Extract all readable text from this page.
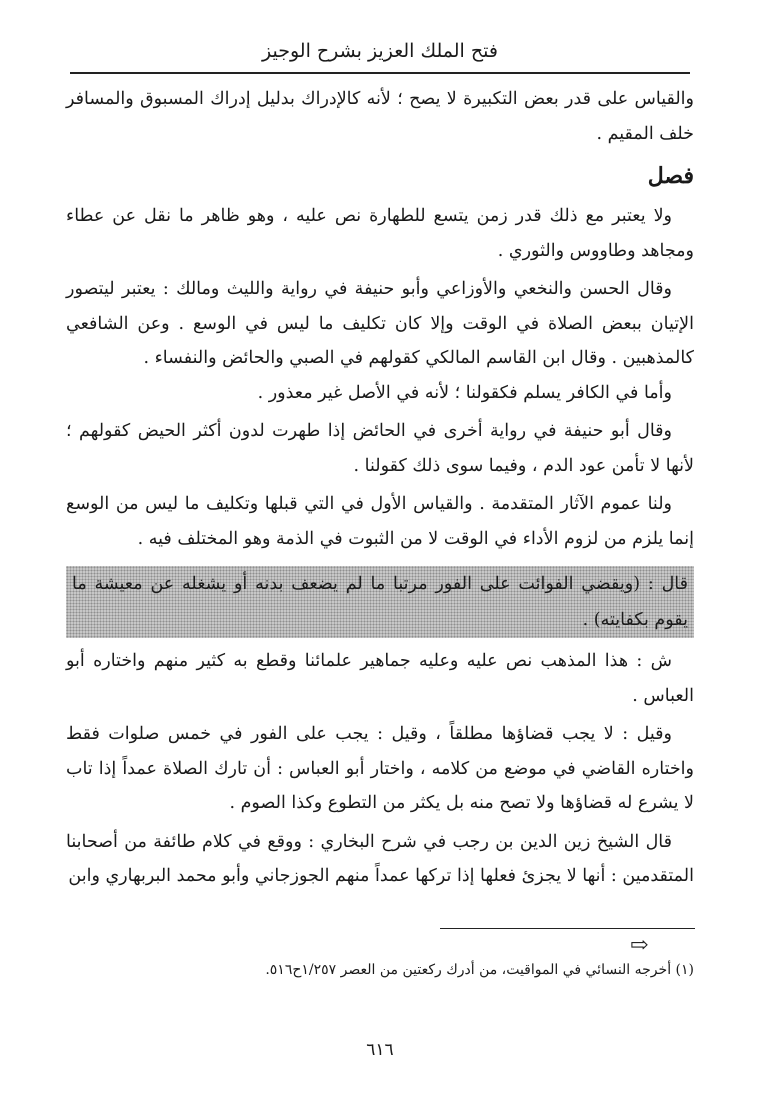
فتح الملك العزيز بشرح الوجيز

والقياس على قدر بعض التكبيرة لا يصح ؛ لأنه كالإدراك بدليل إدراك المسبوق والمسافر خلف المقيم .

فصل

ولا يعتبر مع ذلك قدر زمن يتسع للطهارة نص عليه ، وهو ظاهر ما نقل عن عطاء ومجاهد وطاووس والثوري .

وقال الحسن والنخعي والأوزاعي وأبو حنيفة في رواية والليث ومالك : يعتبر ليتصور الإتيان ببعض الصلاة في الوقت وإلا كان تكليف ما ليس في الوسع . وعن الشافعي كالمذهبين . وقال ابن القاسم المالكي كقولهم في الصبي والحائض والنفساء .

وأما في الكافر يسلم فكقولنا ؛ لأنه في الأصل غير معذور .

وقال أبو حنيفة في رواية أخرى في الحائض إذا طهرت لدون أكثر الحيض كقولهم ؛ لأنها لا تأمن عود الدم ، وفيما سوى ذلك كقولنا .

ولنا عموم الآثار المتقدمة . والقياس الأول في التي قبلها وتكليف ما ليس من الوسع إنما يلزم من لزوم الأداء في الوقت لا من الثبوت في الذمة وهو المختلف فيه .

قال : (ويقضي الفوائت على الفور مرتبا ما لم يضعف بدنه أو يشغله عن معيشة ما يقوم بكفايته) .

ش : هذا المذهب نص عليه وعليه جماهير علمائنا وقطع به كثير منهم واختاره أبو العباس .

وقيل : لا يجب قضاؤها مطلقاً ، وقيل : يجب على الفور في خمس صلوات فقط واختاره القاضي في موضع من كلامه ، واختار أبو العباس : أن تارك الصلاة عمداً إذا تاب لا يشرع له قضاؤها ولا تصح منه بل يكثر من التطوع وكذا الصوم .

قال الشيخ زين الدين بن رجب في شرح البخاري : ووقع في كلام طائفة من أصحابنا المتقدمين : أنها لا يجزئ فعلها إذا تركها عمداً منهم الجوزجاني وأبو محمد البربهاري وابن

⇨
(١) أخرجه النسائي في المواقيت، من أدرك ركعتين من العصر ١/٢٥٧ح٥١٦.
٦١٦
